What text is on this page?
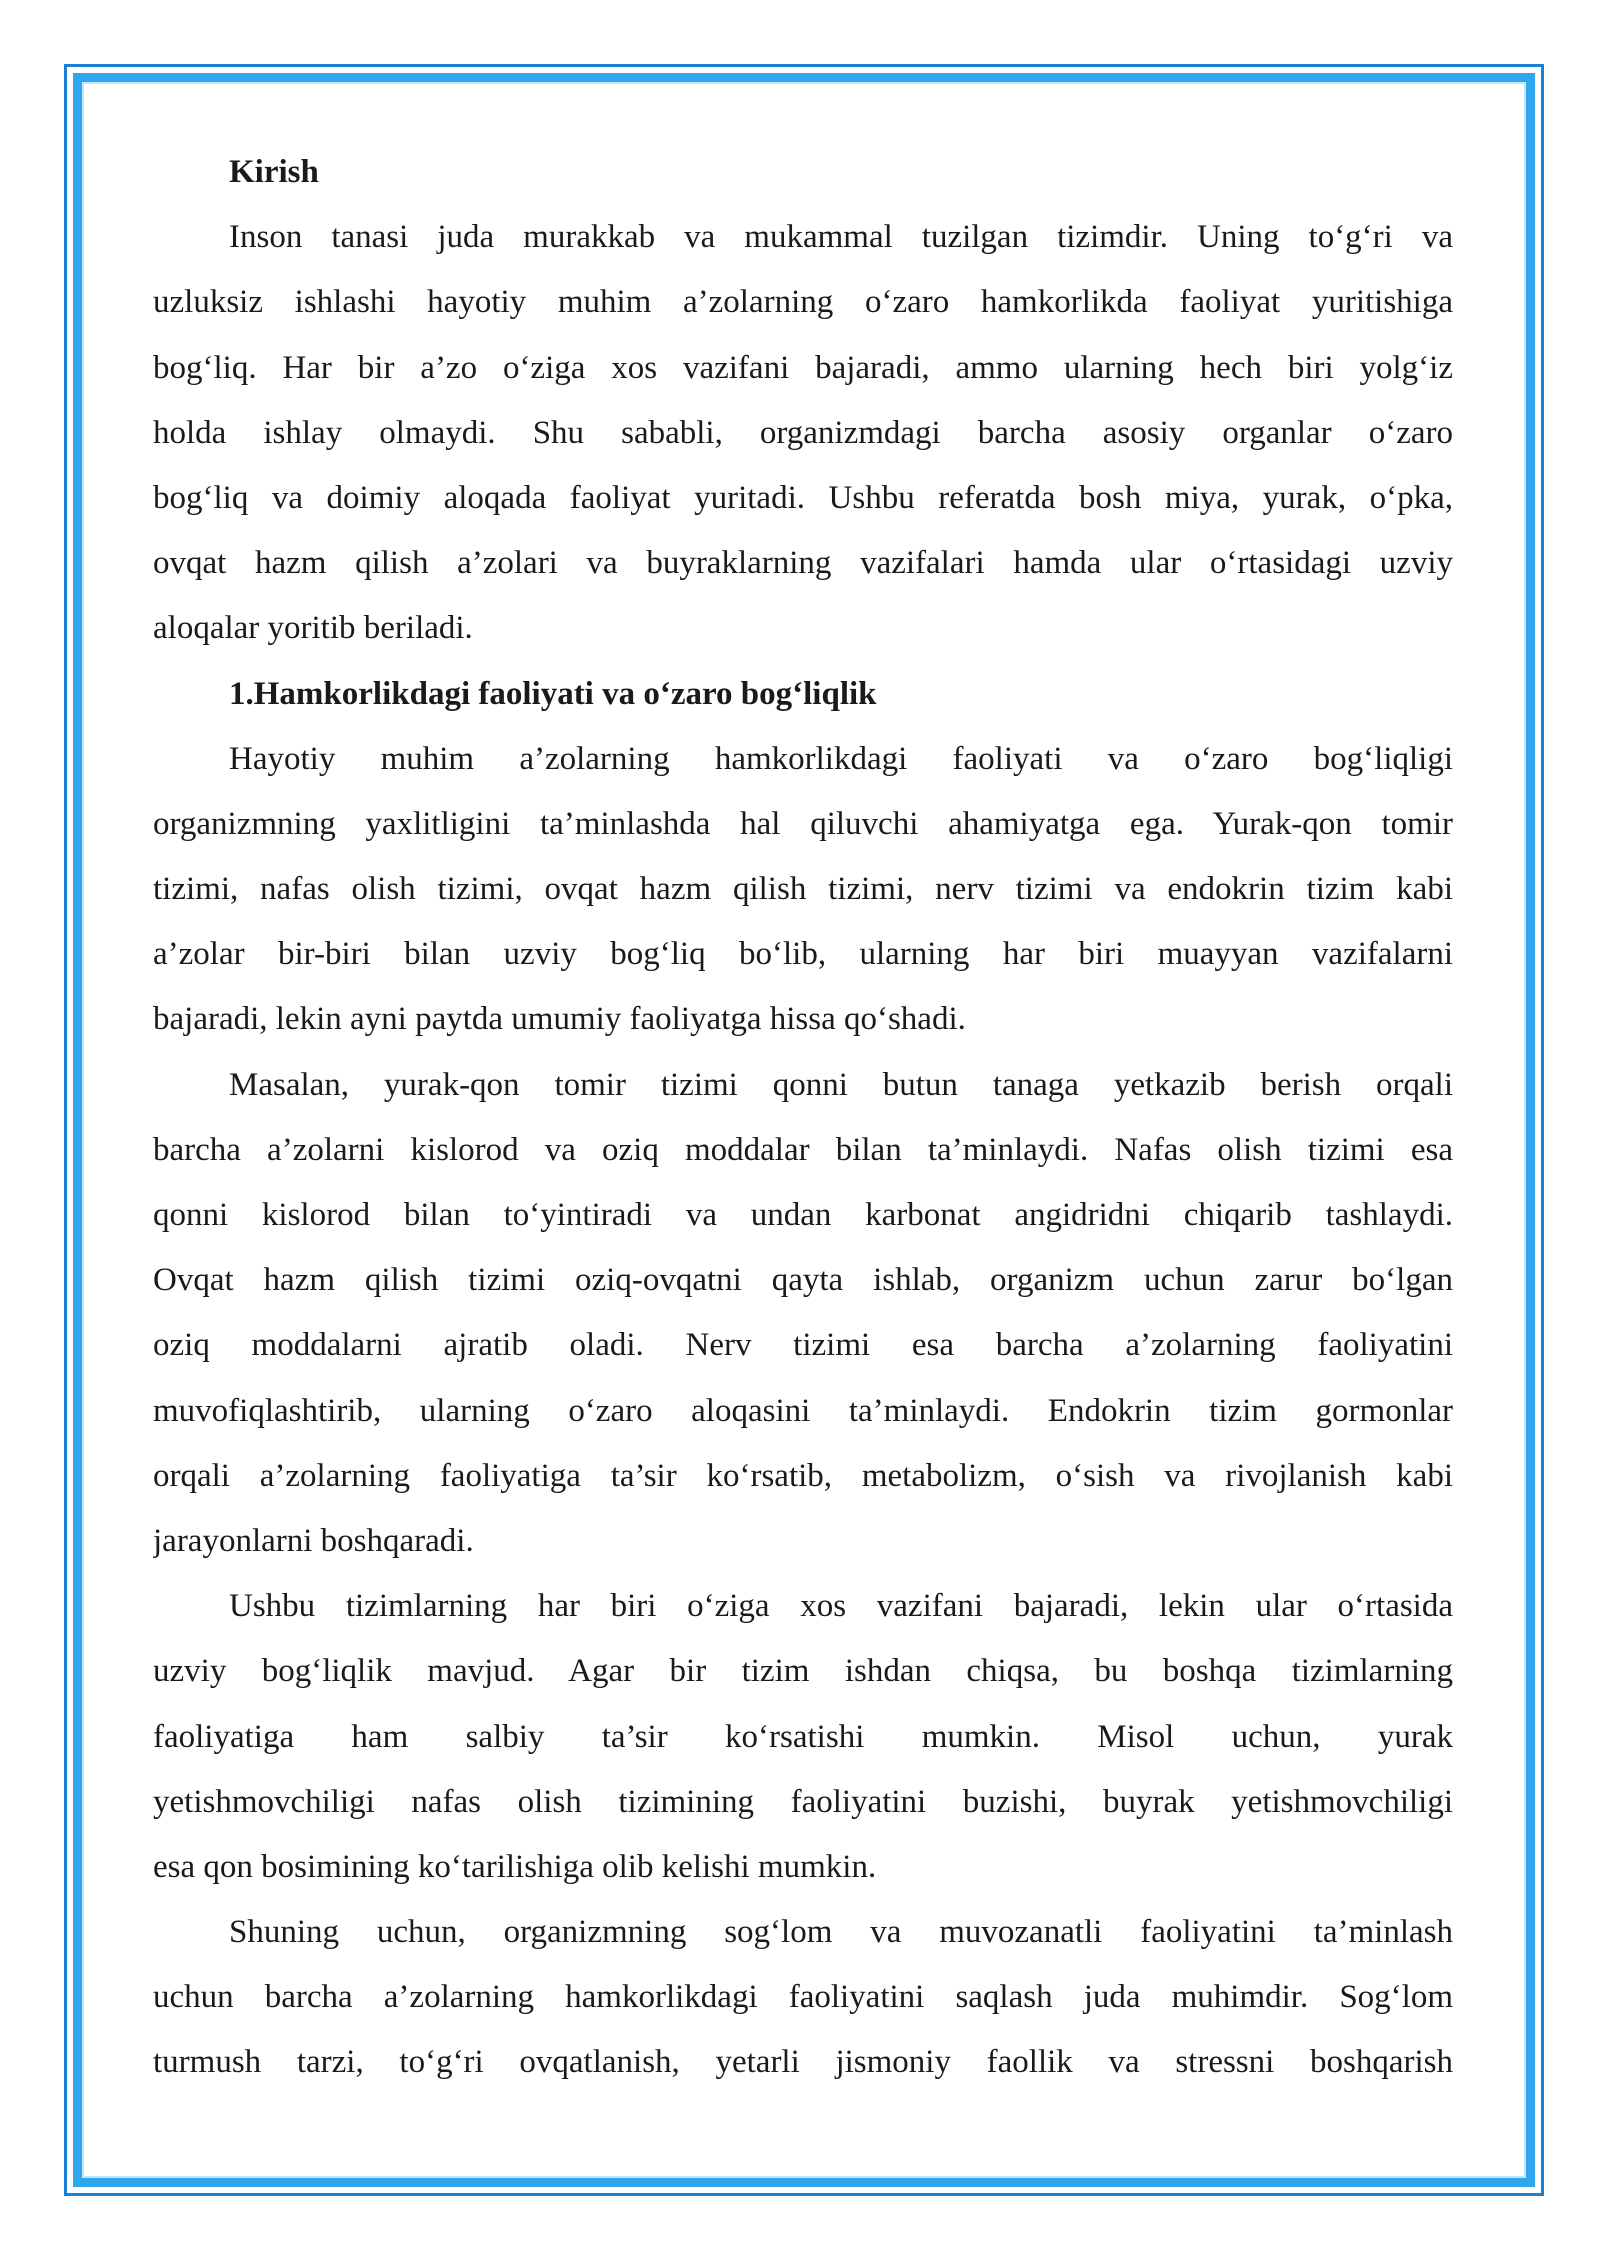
Kirish
Inson tanasi juda murakkab va mukammal tuzilgan tizimdir. Uning to‘g‘ri va
uzluksiz ishlashi hayotiy muhim a’zolarning o‘zaro hamkorlikda faoliyat yuritishiga
bog‘liq. Har bir a’zo o‘ziga xos vazifani bajaradi, ammo ularning hech biri yolg‘iz
holda ishlay olmaydi. Shu sababli, organizmdagi barcha asosiy organlar o‘zaro
bog‘liq va doimiy aloqada faoliyat yuritadi. Ushbu referatda bosh miya, yurak, o‘pka,
ovqat hazm qilish a’zolari va buyraklarning vazifalari hamda ular o‘rtasidagi uzviy
aloqalar yoritib beriladi.
1.Hamkorlikdagi faoliyati va o‘zaro bog‘liqlik
Hayotiy muhim a’zolarning hamkorlikdagi faoliyati va o‘zaro bog‘liqligi
organizmning yaxlitligini ta’minlashda hal qiluvchi ahamiyatga ega. Yurak-qon tomir
tizimi, nafas olish tizimi, ovqat hazm qilish tizimi, nerv tizimi va endokrin tizim kabi
a’zolar bir-biri bilan uzviy bog‘liq bo‘lib, ularning har biri muayyan vazifalarni
bajaradi, lekin ayni paytda umumiy faoliyatga hissa qo‘shadi.
Masalan, yurak-qon tomir tizimi qonni butun tanaga yetkazib berish orqali
barcha a’zolarni kislorod va oziq moddalar bilan ta’minlaydi. Nafas olish tizimi esa
qonni kislorod bilan to‘yintiradi va undan karbonat angidridni chiqarib tashlaydi.
Ovqat hazm qilish tizimi oziq-ovqatni qayta ishlab, organizm uchun zarur bo‘lgan
oziq moddalarni ajratib oladi. Nerv tizimi esa barcha a’zolarning faoliyatini
muvofiqlashtirib, ularning o‘zaro aloqasini ta’minlaydi. Endokrin tizim gormonlar
orqali a’zolarning faoliyatiga ta’sir ko‘rsatib, metabolizm, o‘sish va rivojlanish kabi
jarayonlarni boshqaradi.
Ushbu tizimlarning har biri o‘ziga xos vazifani bajaradi, lekin ular o‘rtasida
uzviy bog‘liqlik mavjud. Agar bir tizim ishdan chiqsa, bu boshqa tizimlarning
faoliyatiga ham salbiy ta’sir ko‘rsatishi mumkin. Misol uchun, yurak
yetishmovchiligi nafas olish tizimining faoliyatini buzishi, buyrak yetishmovchiligi
esa qon bosimining ko‘tarilishiga olib kelishi mumkin.
Shuning uchun, organizmning sog‘lom va muvozanatli faoliyatini ta’minlash
uchun barcha a’zolarning hamkorlikdagi faoliyatini saqlash juda muhimdir. Sog‘lom
turmush tarzi, to‘g‘ri ovqatlanish, yetarli jismoniy faollik va stressni boshqarish
